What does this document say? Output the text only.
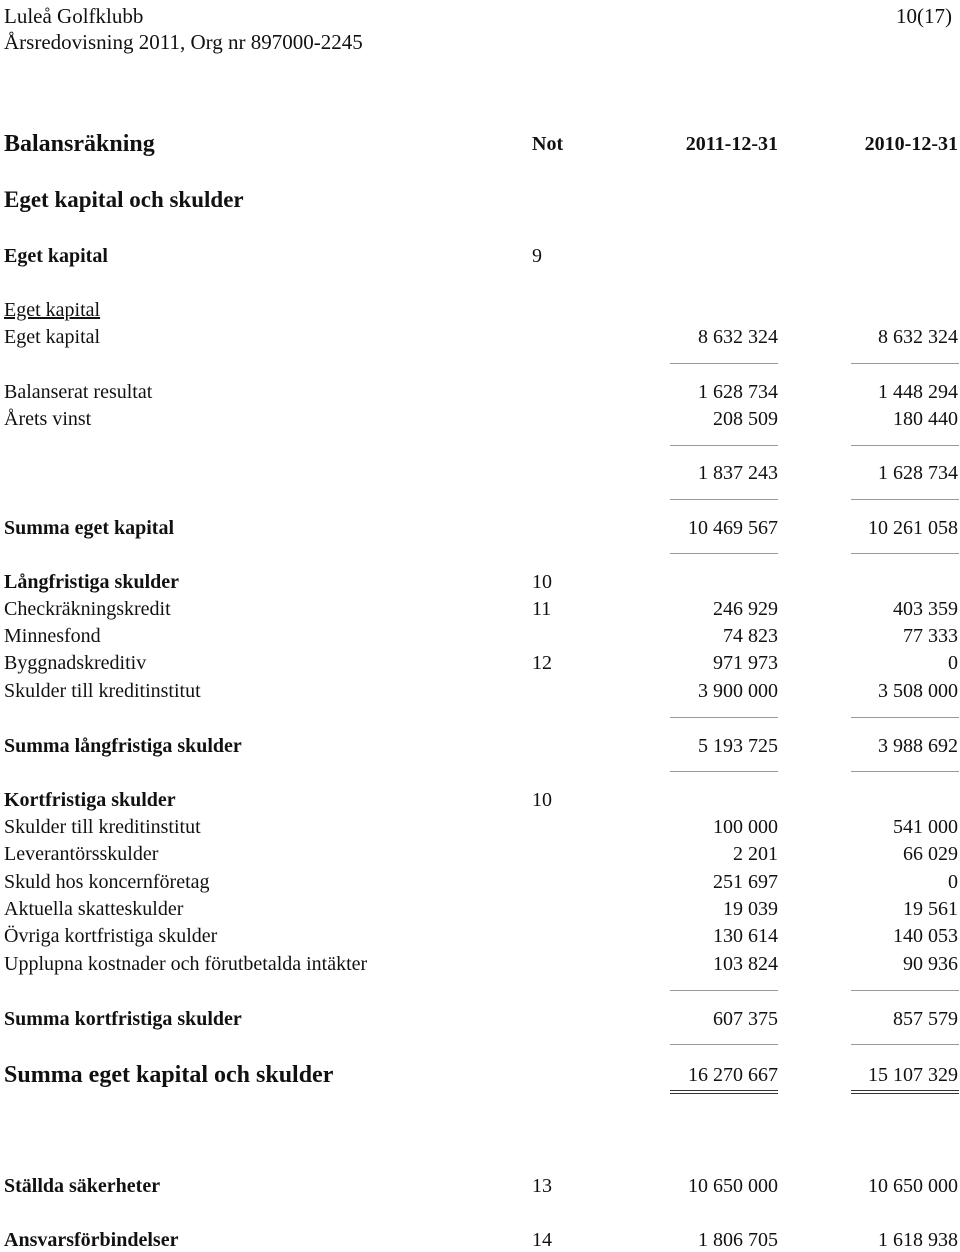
Luleå Golfklubb	10(17)
Årsredovisning 2011, Org nr 897000-2245
Balansräkning	Not	2011-12-31	2010-12-31
Eget kapital och skulder
Eget kapital	9
Eget kapital
Eget kapital	8 632 324	8 632 324
Balanserat resultat	1 628 734	1 448 294
Årets vinst	208 509	180 440
1 837 243	1 628 734
Summa eget kapital	10 469 567	10 261 058
Långfristiga skulder	10
Checkräkningskredit	11	246 929	403 359
Minnesfond	74 823	77 333
Byggnadskreditiv	12	971 973	0
Skulder till kreditinstitut	3 900 000	3 508 000
Summa långfristiga skulder	5 193 725	3 988 692
Kortfristiga skulder	10
Skulder till kreditinstitut	100 000	541 000
Leverantörsskulder	2 201	66 029
Skuld hos koncernföretag	251 697	0
Aktuella skatteskulder	19 039	19 561
Övriga kortfristiga skulder	130 614	140 053
Upplupna kostnader och förutbetalda intäkter	103 824	90 936
Summa kortfristiga skulder	607 375	857 579
Summa eget kapital och skulder	16 270 667	15 107 329
Ställda säkerheter	13	10 650 000	10 650 000
Ansvarsförbindelser	14	1 806 705	1 618 938
